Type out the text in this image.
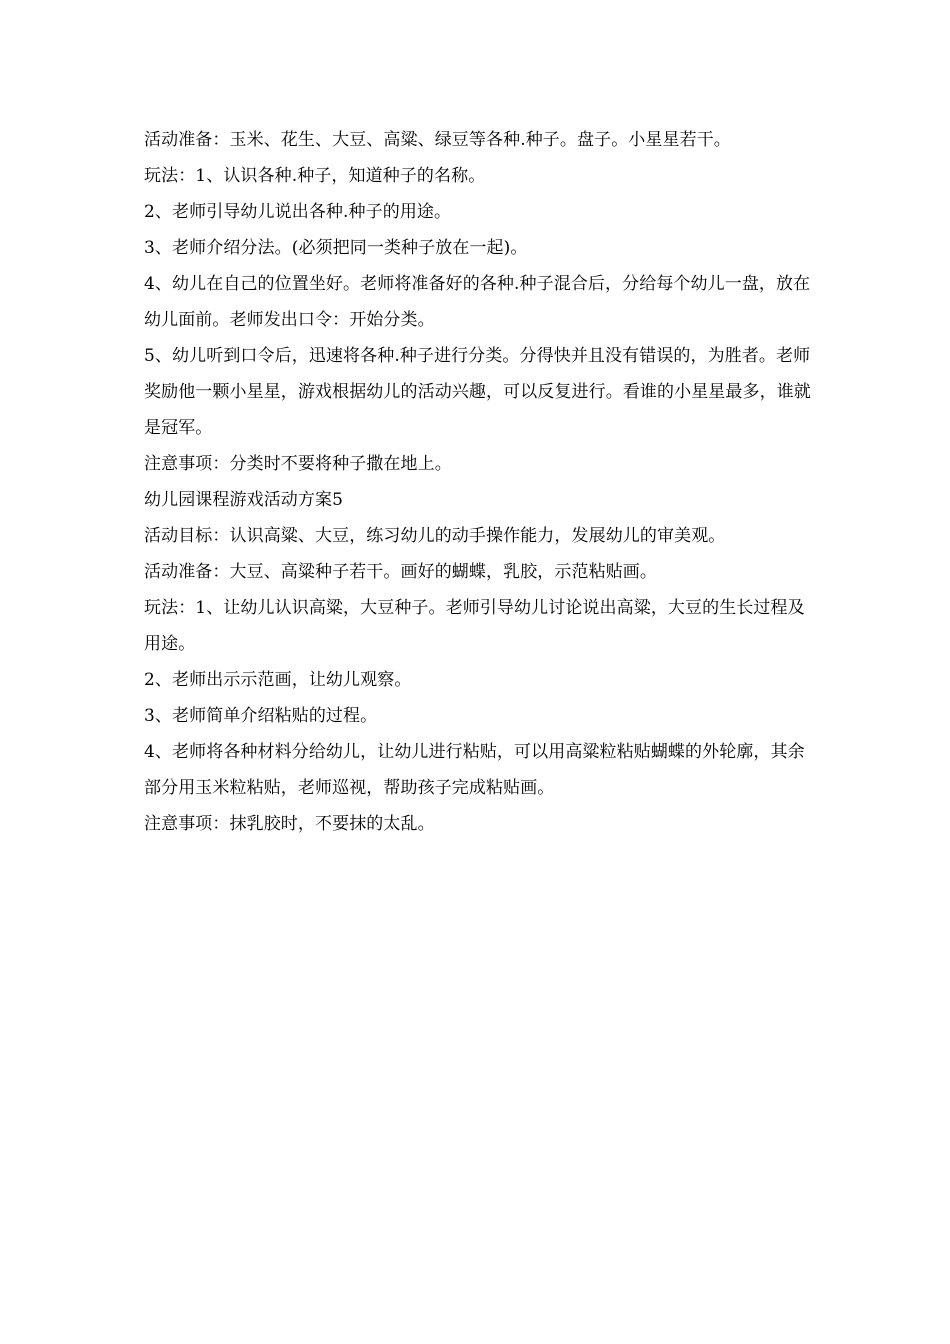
活动准备：玉米、花生、大豆、高粱、绿豆等各种.种子。盘子。小星星若干。

玩法：1、认识各种.种子，知道种子的名称。

2、老师引导幼儿说出各种.种子的用途。

3、老师介绍分法。(必须把同一类种子放在一起)。

4、幼儿在自己的位置坐好。老师将准备好的各种.种子混合后，分给每个幼儿一盘，放在幼儿面前。老师发出口令：开始分类。

5、幼儿听到口令后，迅速将各种.种子进行分类。分得快并且没有错误的，为胜者。老师奖励他一颗小星星，游戏根据幼儿的活动兴趣，可以反复进行。看谁的小星星最多，谁就是冠军。

注意事项：分类时不要将种子撒在地上。

幼儿园课程游戏活动方案5

活动目标：认识高粱、大豆，练习幼儿的动手操作能力，发展幼儿的审美观。

活动准备：大豆、高粱种子若干。画好的蝴蝶，乳胶，示范粘贴画。

玩法：1、让幼儿认识高粱，大豆种子。老师引导幼儿讨论说出高粱，大豆的生长过程及用途。

2、老师出示示范画，让幼儿观察。

3、老师简单介绍粘贴的过程。

4、老师将各种材料分给幼儿，让幼儿进行粘贴，可以用高粱粒粘贴蝴蝶的外轮廓，其余部分用玉米粒粘贴，老师巡视，帮助孩子完成粘贴画。

注意事项：抹乳胶时，不要抹的太乱。
